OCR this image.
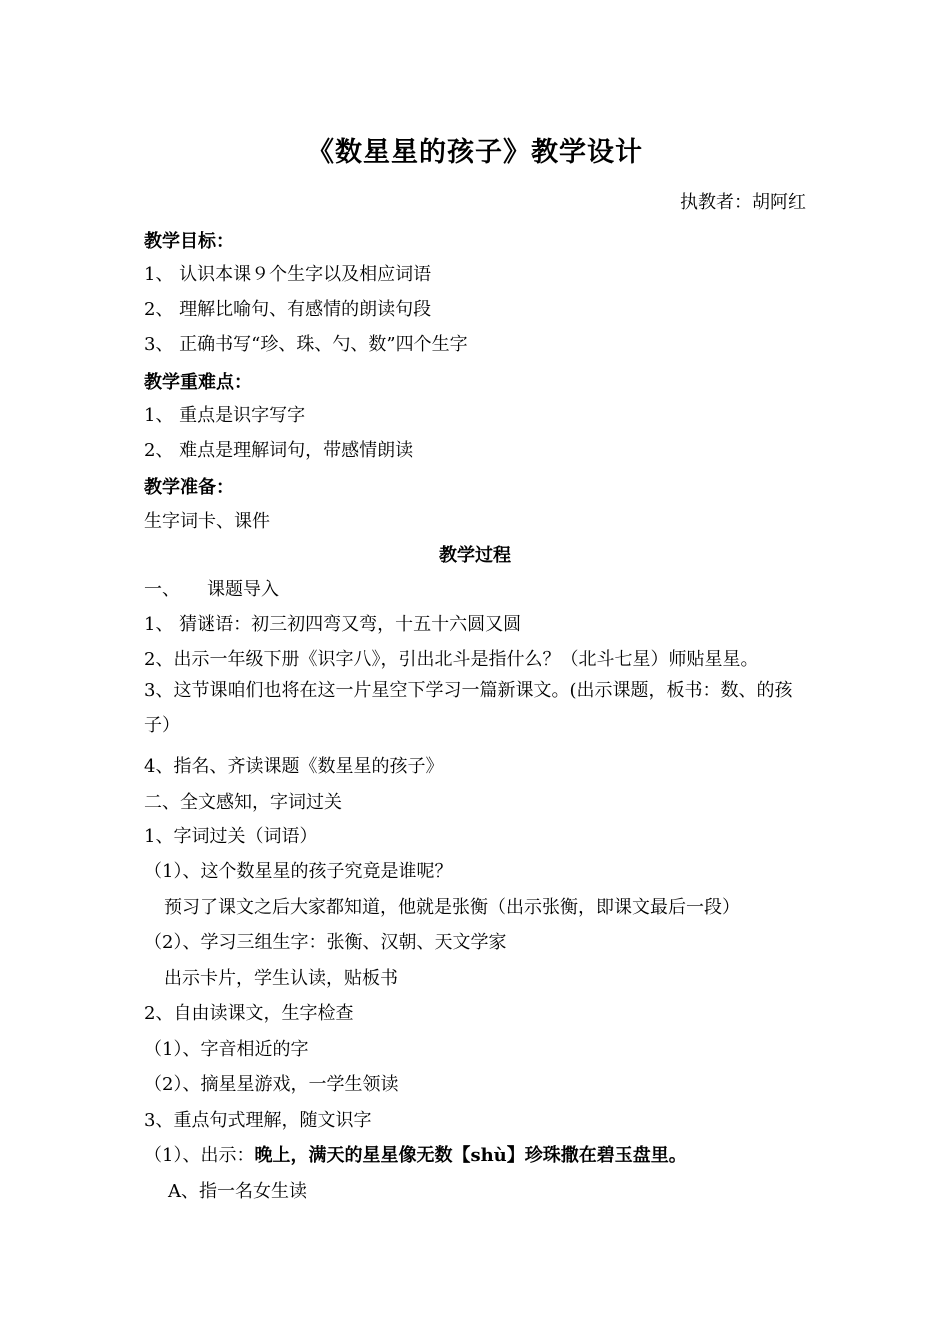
《数星星的孩子》教学设计
执教者：胡阿红
教学目标：
1、 认识本课９个生字以及相应词语
2、 理解比喻句、有感情的朗读句段
3、 正确书写“珍、珠、勺、数”四个生字
教学重难点：
1、 重点是识字写字
2、 难点是理解词句，带感情朗读
教学准备：
生字词卡、课件
教学过程
一、　　课题导入
1、 猜谜语：初三初四弯又弯，十五十六圆又圆
2、出示一年级下册《识字八》，引出北斗是指什么？（北斗七星）师贴星星。
3、这节课咱们也将在这一片星空下学习一篇新课文。(出示课题，板书：数、的孩子）
4、指名、齐读课题《数星星的孩子》
二、全文感知，字词过关
1、字词过关（词语）
（1）、这个数星星的孩子究竟是谁呢？
预习了课文之后大家都知道，他就是张衡（出示张衡，即课文最后一段）
（2）、学习三组生字：张衡、汉朝、天文学家
出示卡片，学生认读，贴板书
2、自由读课文，生字检查
（1）、字音相近的字
（2）、摘星星游戏，一学生领读
3、重点句式理解，随文识字
（1）、出示：晚上，满天的星星像无数【shù】珍珠撒在碧玉盘里。
A、指一名女生读
